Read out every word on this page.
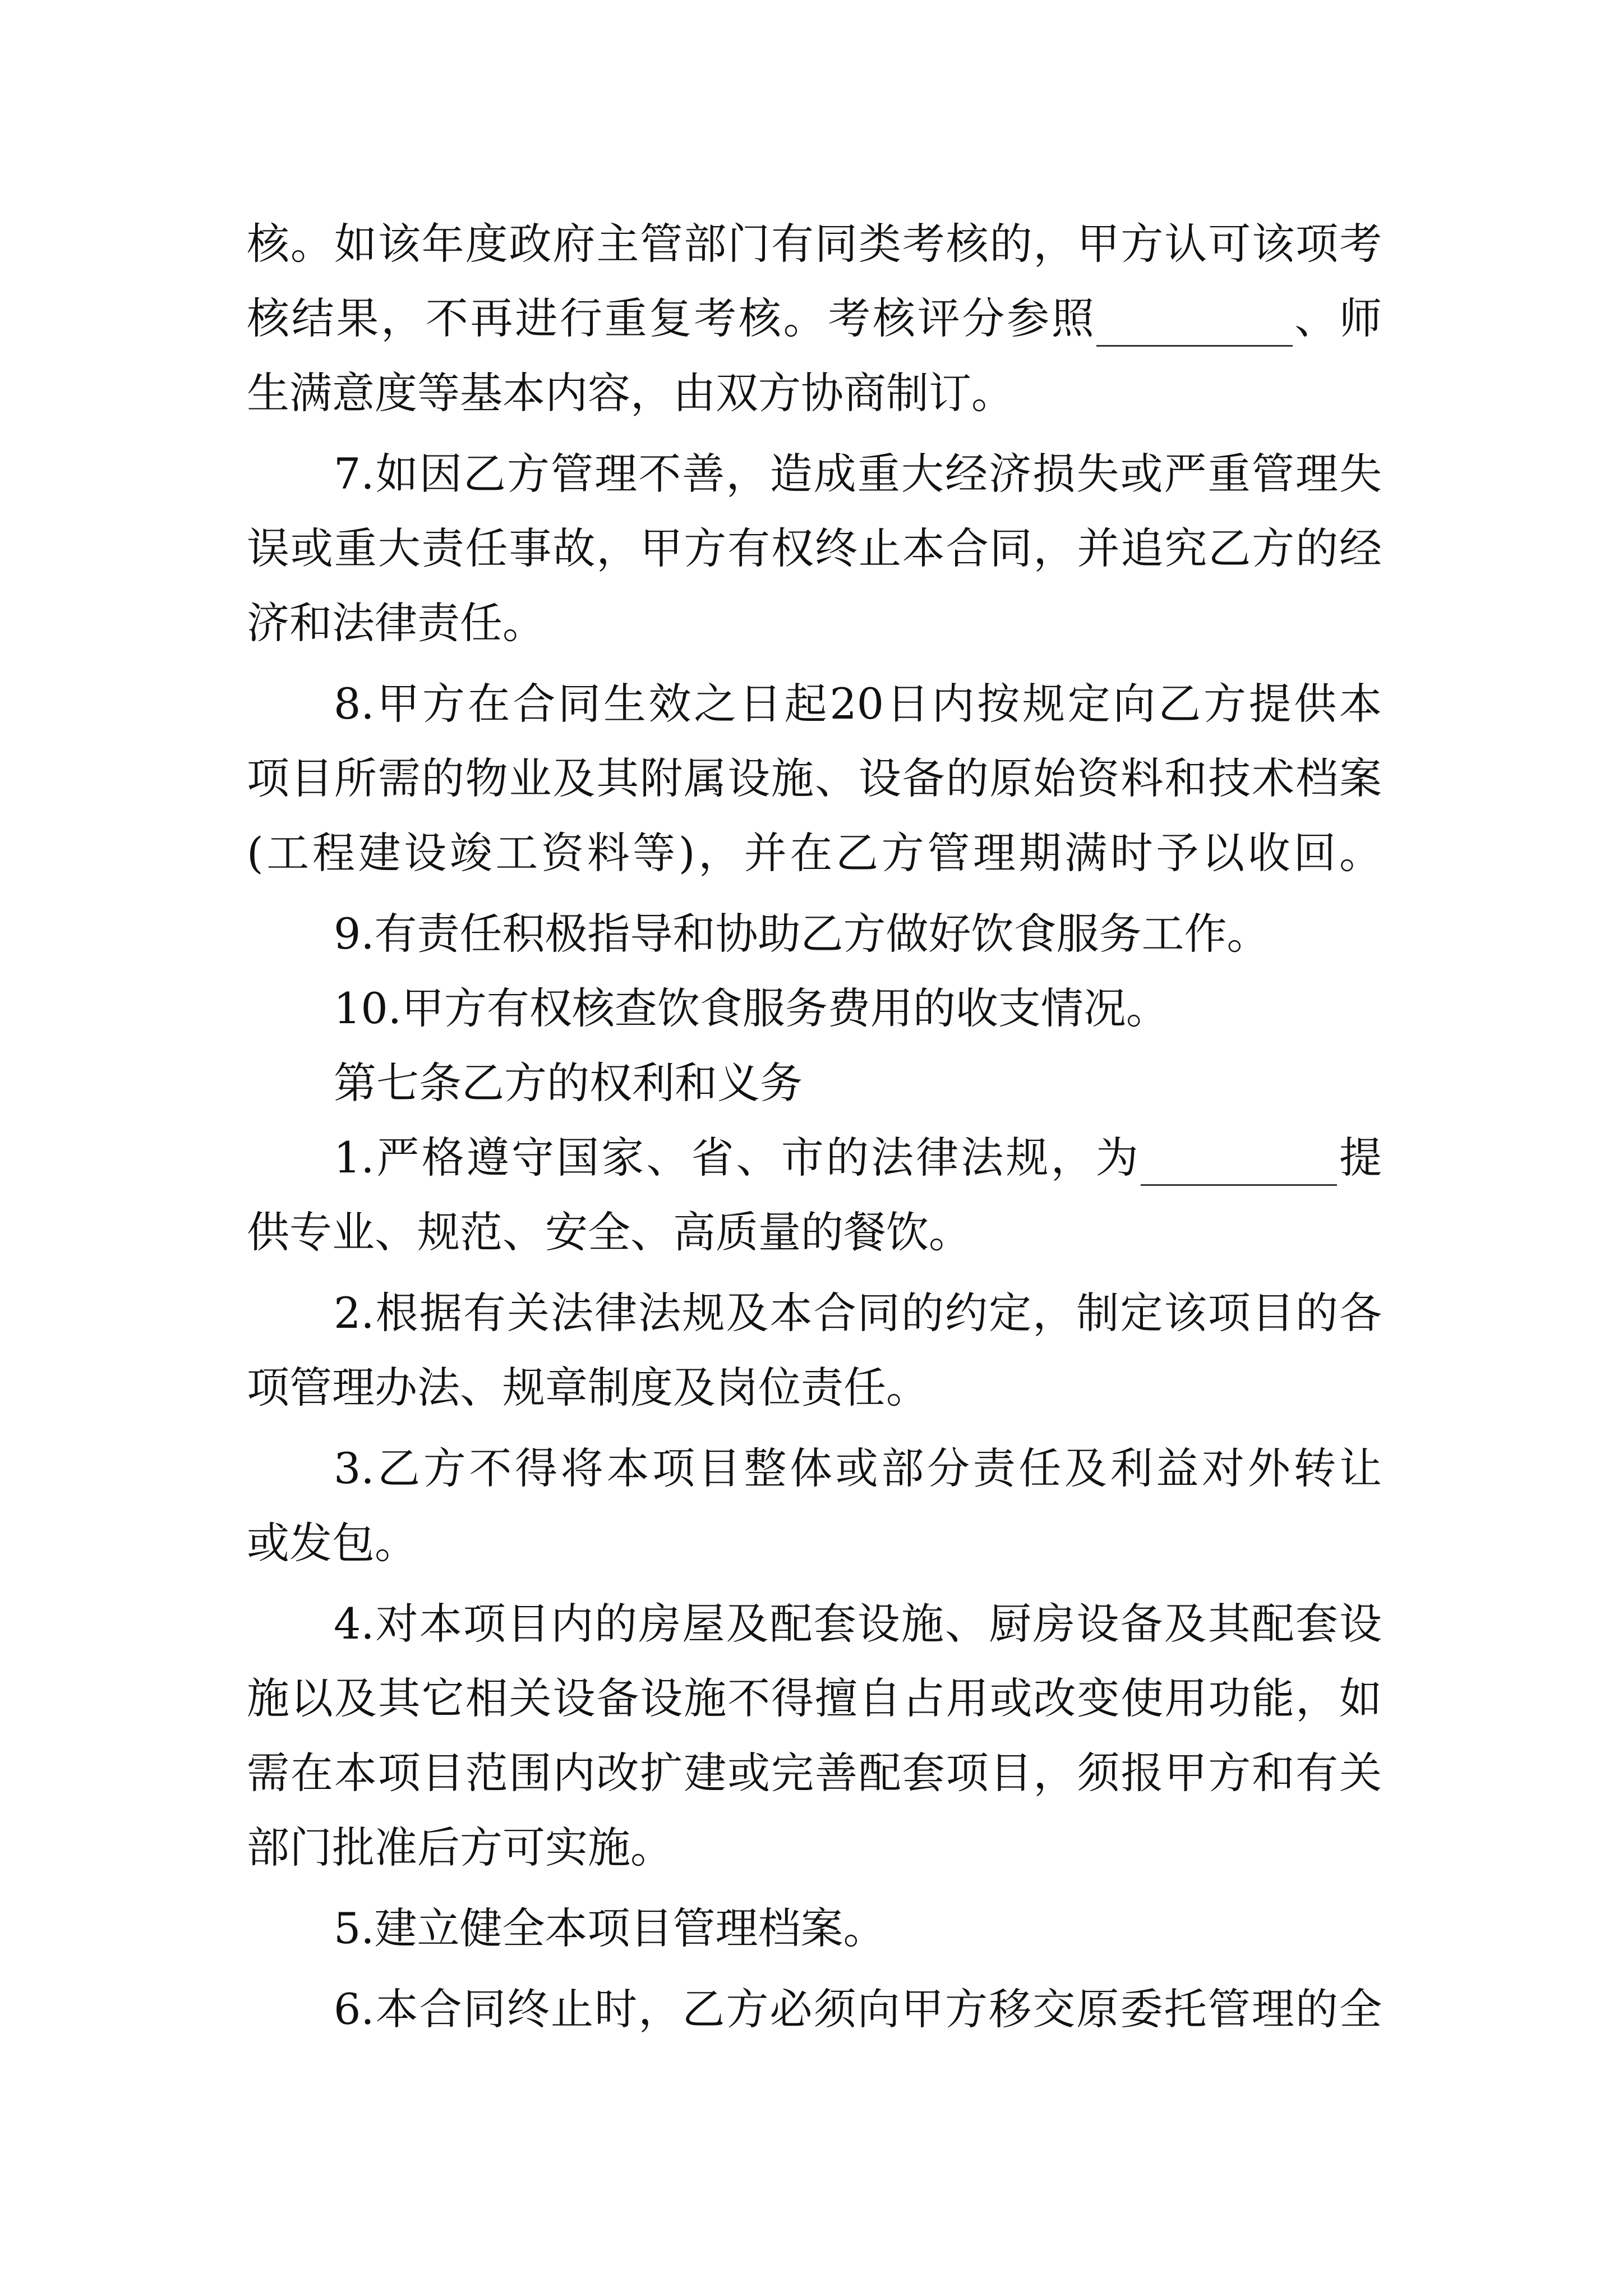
核。如该年度政府主管部门有同类考核的，甲方认可该项考
核结果，不再进行重复考核。考核评分参照	、师
生满意度等基本内容，由双方协商制订。
7.如因乙方管理不善，造成重大经济损失或严重管理失
误或重大责任事故，甲方有权终止本合同，并追究乙方的经
济和法律责任。
8.甲方在合同生效之日起20日内按规定向乙方提供本
项目所需的物业及其附属设施、设备的原始资料和技术档案
(工程建设竣工资料等)，并在乙方管理期满时予以收回。
9.有责任积极指导和协助乙方做好饮食服务工作。
10.甲方有权核查饮食服务费用的收支情况。
第七条乙方的权利和义务
1.严格遵守国家、省、市的法律法规，为	提
供专业、规范、安全、高质量的餐饮。
2.根据有关法律法规及本合同的约定，制定该项目的各
项管理办法、规章制度及岗位责任。
3.乙方不得将本项目整体或部分责任及利益对外转让
或发包。
4.对本项目内的房屋及配套设施、厨房设备及其配套设
施以及其它相关设备设施不得擅自占用或改变使用功能，如
需在本项目范围内改扩建或完善配套项目，须报甲方和有关
部门批准后方可实施。
5.建立健全本项目管理档案。
6.本合同终止时，乙方必须向甲方移交原委托管理的全
